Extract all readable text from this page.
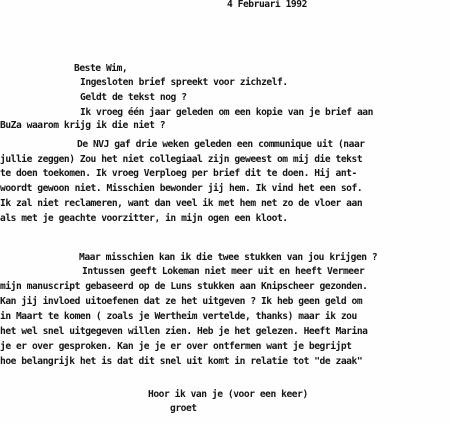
4 Februari 1992
Beste Wim,
Ingesloten brief spreekt voor zichzelf.
Geldt de tekst nog ?
Ik vroeg één jaar geleden om een kopie van je brief aan
BuZa waarom krijg ik die niet ?
De NVJ gaf drie weken geleden een communique uit (naar
jullie zeggen) Zou het niet collegiaal zijn geweest om mij die tekst
te doen toekomen. Ik vroeg Verploeg per brief dit te doen. Hij ant-
woordt gewoon niet. Misschien bewonder jij hem. Ik vind het een sof.
Ik zal niet reclameren, want dan veel ik met hem net zo de vloer aan
als met je geachte voorzitter, in mijn ogen een kloot.
Maar misschien kan ik die twee stukken van jou krijgen ?
Intussen geeft Lokeman niet meer uit en heeft Vermeer
mijn manuscript gebaseerd op de Luns stukken aan Knipscheer gezonden.
Kan jij invloed uitoefenen dat ze het uitgeven ? Ik heb geen geld om
in Maart te komen ( zoals je Wertheim vertelde, thanks) maar ik zou
het wel snel uitgegeven willen zien. Heb je het gelezen. Heeft Marina
je er over gesproken. Kan je je er over ontfermen want je begrijpt
hoe belangrijk het is dat dit snel uit komt in relatie tot "de zaak"
Hoor ik van je (voor een keer)
groet
